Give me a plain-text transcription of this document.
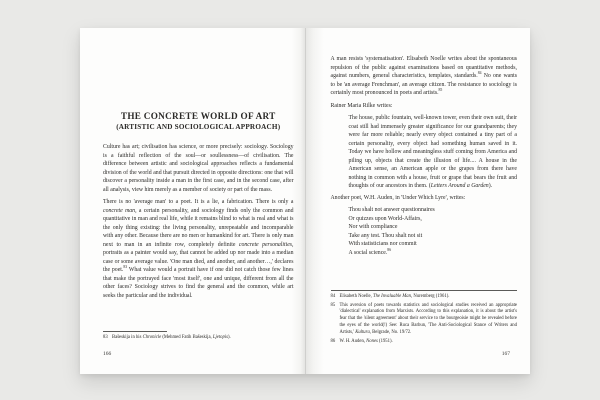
THE CONCRETE WORLD OF ART
(ARTISTIC AND SOCIOLOGICAL APPROACH)

Culture has art; civilisation has science, or more precisely: sociology. Sociology is a faithful reflection of the soul—or soullessness—of civilisation. The difference between artistic and sociological approaches reflects a fundamental division of the world and that pursuit directed in opposite directions: one that will discover a personality inside a man in the first case, and in the second case, after all analysis, view him merely as a member of society or part of the mass.

There is no 'average man' to a poet. It is a lie, a fabrication. There is only a concrete man, a certain personality, and sociology finds only the common and quantitative in man and real life, while it remains blind to what is real and what is the only thing existing: the living personality, unrepeatable and incomparable with any other. Because there are no men or humankind for art. There is only man next to man in an infinite row, completely definite concrete personalities, portraits as a painter would say, that cannot be added up nor made into a median case or some average value. 'One man died, and another, and another…,' declares the poet.$^{83}$ What value would a portrait have if one did not catch those few lines that make the portrayed face 'most itself', one and unique, different from all the other faces? Sociology strives to find the general and the common, while art seeks the particular and the individual.

83 Bašeskija in his Chronicle (Mehmed Fatih Bašeskija, Ljetopis).
166

A man resists 'systematisation'. Elisabeth Noelle writes about the spontaneous repulsion of the public against examinations based on quantitative methods, against numbers, general characteristics, templates, standards.$^{84}$ No one wants to be 'an average Frenchman', an average citizen. The resistance to sociology is certainly most pronounced in poets and artists.$^{85}$

Rainer Maria Rilke writes:

The house, public fountain, well-known tower, even their own suit, their coat still had immensely greater significance for our grandparents; they were far more reliable; nearly every object contained a tiny part of a certain personality, every object had something human saved in it. Today we have hollow and meaningless stuff coming from America and piling up, objects that create the illusion of life.... A house in the American sense, an American apple or the grapes from there have nothing in common with a house, fruit or grape that bears the fruit and thoughts of our ancestors in them. (Letters Around a Garden).

Another poet, W.H. Auden, in 'Under Which Lyre', writes:

Thou shalt not answer questionnaires
Or quizzes upon World-Affairs,
Nor with compliance
Take any test. Thou shalt not sit
With statisticians nor commit
A social science.$^{86}$
84 Elisabeth Noelle, The Invaluable Man, Nuremberg (1961).
85 This aversion of poets towards statistics and sociological studies received an appropriate 'dialectical' explanation from Marxists. According to this explanation, it is about the artist's fear that the 'silent agreement' about their service to the bourgeoisie might be revealed before the eyes of the world(!) See: Ruca Barbun, 'The Anti-Sociological Stance of Writers and Artists,' Kultura, Belgrade, No. 19/72.
86 W. H. Auden, Nones (1951).
167
